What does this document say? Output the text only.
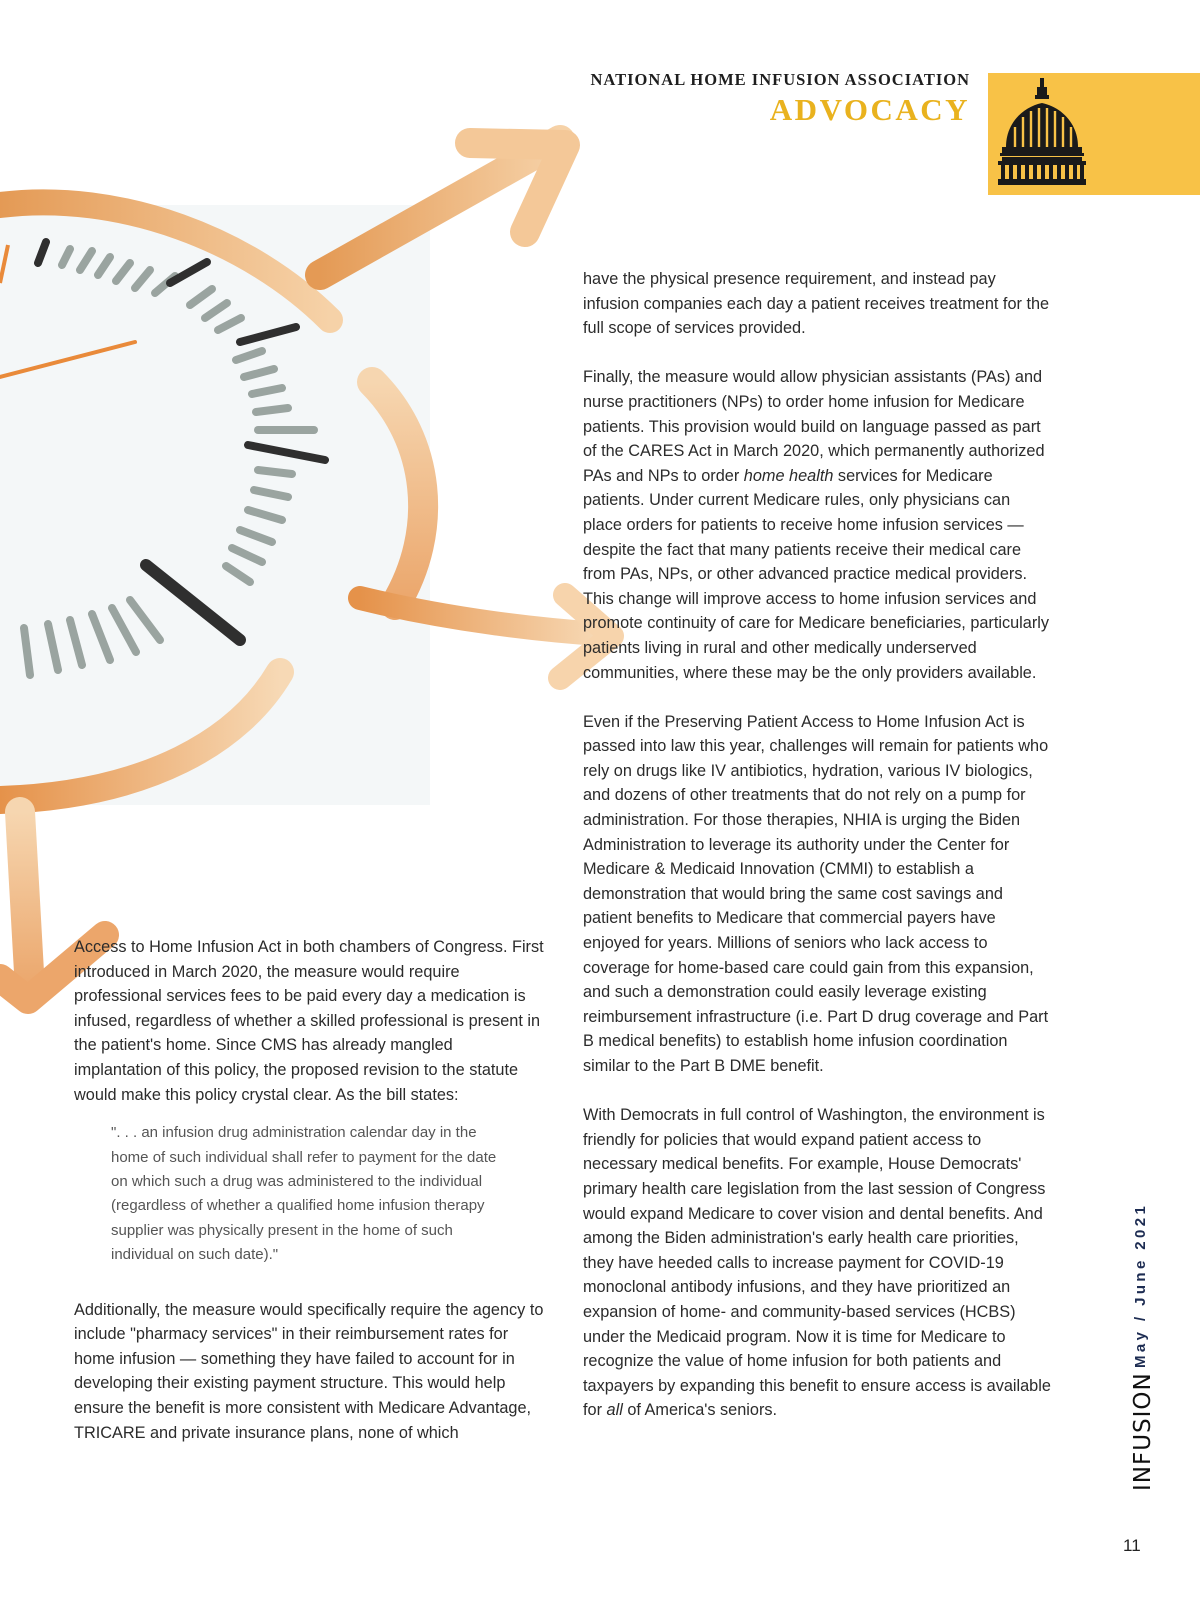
NATIONAL HOME INFUSION ASSOCIATION
ADVOCACY

have the physical presence requirement, and instead pay infusion companies each day a patient receives treatment for the full scope of services provided.

Finally, the measure would allow physician assistants (PAs) and nurse practitioners (NPs) to order home infusion for Medicare patients. This provision would build on language passed as part of the CARES Act in March 2020, which permanently authorized PAs and NPs to order home health services for Medicare patients. Under current Medicare rules, only physicians can place orders for patients to receive home infusion services — despite the fact that many patients receive their medical care from PAs, NPs, or other advanced practice medical providers. This change will improve access to home infusion services and promote continuity of care for Medicare beneficiaries, particularly patients living in rural and other medically underserved communities, where these may be the only providers available.

Even if the Preserving Patient Access to Home Infusion Act is passed into law this year, challenges will remain for patients who rely on drugs like IV antibiotics, hydration, various IV biologics, and dozens of other treatments that do not rely on a pump for administration. For those therapies, NHIA is urging the Biden Administration to leverage its authority under the Center for Medicare & Medicaid Innovation (CMMI) to establish a demonstration that would bring the same cost savings and patient benefits to Medicare that commercial payers have enjoyed for years. Millions of seniors who lack access to coverage for home-based care could gain from this expansion, and such a demonstration could easily leverage existing reimbursement infrastructure (i.e. Part D drug coverage and Part B medical benefits) to establish home infusion coordination similar to the Part B DME benefit.

With Democrats in full control of Washington, the environment is friendly for policies that would expand patient access to necessary medical benefits. For example, House Democrats' primary health care legislation from the last session of Congress would expand Medicare to cover vision and dental benefits. And among the Biden administration's early health care priorities, they have heeded calls to increase payment for COVID-19 monoclonal antibody infusions, and they have prioritized an expansion of home- and community-based services (HCBS) under the Medicaid program. Now it is time for Medicare to recognize the value of home infusion for both patients and taxpayers by expanding this benefit to ensure access is available for all of America's seniors.

Access to Home Infusion Act in both chambers of Congress. First introduced in March 2020, the measure would require professional services fees to be paid every day a medication is infused, regardless of whether a skilled professional is present in the patient's home. Since CMS has already mangled implantation of this policy, the proposed revision to the statute would make this policy crystal clear. As the bill states:

". . . an infusion drug administration calendar day in the home of such individual shall refer to payment for the date on which such a drug was administered to the individual (regardless of whether a qualified home infusion therapy supplier was physically present in the home of such individual on such date)."

Additionally, the measure would specifically require the agency to include "pharmacy services" in their reimbursement rates for home infusion — something they have failed to account for in developing their existing payment structure. This would help ensure the benefit is more consistent with Medicare Advantage, TRICARE and private insurance plans, none of which

May / June 2021
INFUSION
11
